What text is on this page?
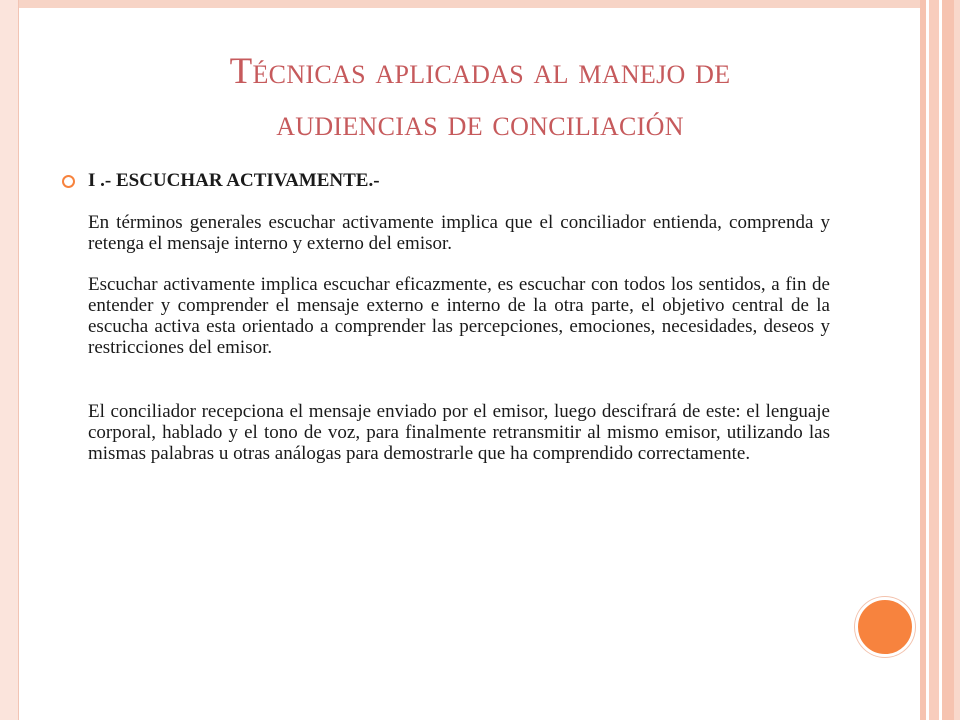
Técnicas aplicadas al manejo de
audiencias de conciliación

I .- ESCUCHAR ACTIVAMENTE.-

En términos generales escuchar activamente implica que el conciliador entienda, comprenda y retenga el mensaje interno y externo del emisor.

Escuchar activamente implica escuchar eficazmente, es escuchar con todos los sentidos, a fin de entender y comprender el mensaje externo e interno de la otra parte, el objetivo central de la escucha activa esta orientado a comprender las percepciones, emociones, necesidades, deseos y restricciones del emisor.

El conciliador recepciona el mensaje enviado por el emisor, luego descifrará de este: el lenguaje corporal, hablado y el tono de voz, para finalmente retransmitir al mismo emisor, utilizando las mismas palabras u otras análogas para demostrarle que ha comprendido correctamente.
